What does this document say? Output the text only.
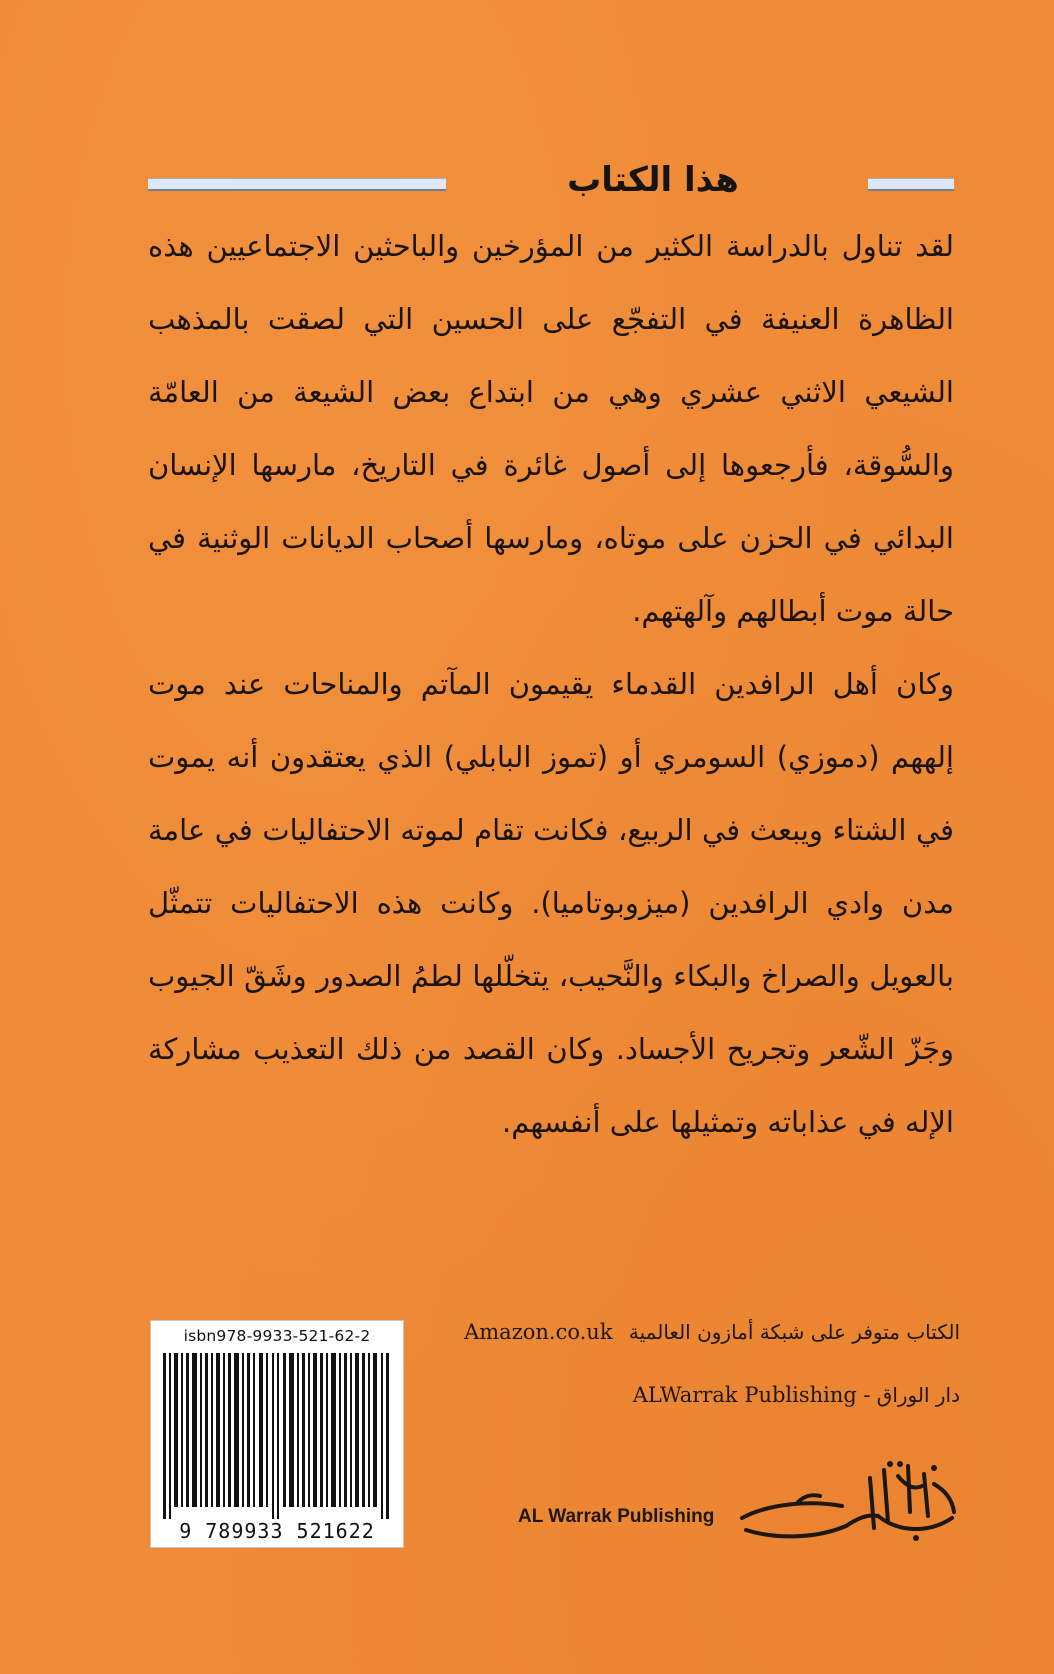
هذا الكتاب

لقد تناول بالدراسة الكثير من المؤرخين والباحثين الاجتماعيين هذه الظاهرة العنيفة في التفجّع على الحسين التي لصقت بالمذهب الشيعي الاثني عشري وهي من ابتداع بعض الشيعة من العامّة والسُّوقة، فأرجعوها إلى أصول غائرة في التاريخ، مارسها الإنسان البدائي في الحزن على موتاه، ومارسها أصحاب الديانات الوثنية في حالة موت أبطالهم وآلهتهم.

وكان أهل الرافدين القدماء يقيمون المآتم والمناحات عند موت إلههم (دموزي) السومري أو (تموز البابلي) الذي يعتقدون أنه يموت في الشتاء ويبعث في الربيع، فكانت تقام لموته الاحتفاليات في عامة مدن وادي الرافدين (ميزوبوتاميا). وكانت هذه الاحتفاليات تتمثّل بالعويل والصراخ والبكاء والنَّحيب، يتخلّلها لطمُ الصدور وشَقّ الجيوب وجَزّ الشّعر وتجريح الأجساد. وكان القصد من ذلك التعذيب مشاركة الإله في عذاباته وتمثيلها على أنفسهم.

isbn978-9933-521-62-2
9 789933 521622
الكتاب متوفر على شبكة أمازون العالمية Amazon.co.uk
دار الوراق - ALWarrak Publishing
AL Warrak Publishing
